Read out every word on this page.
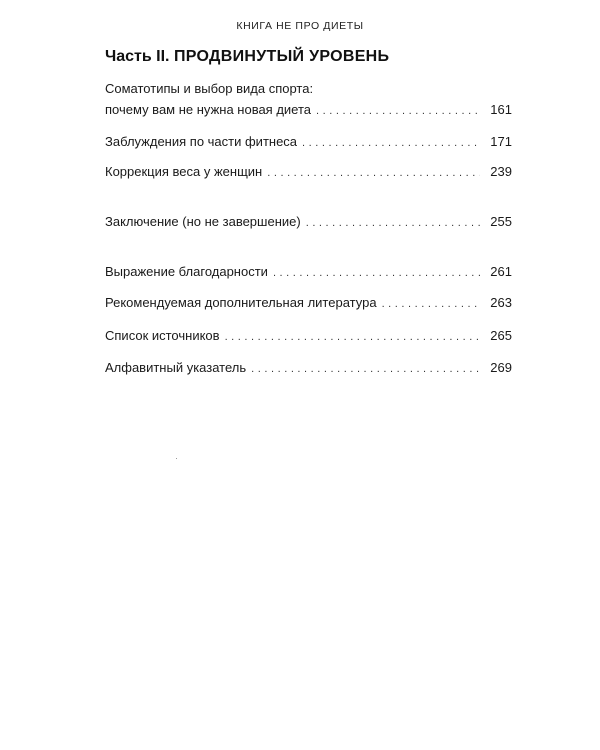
КНИГА НЕ ПРО ДИЕТЫ
Часть II. ПРОДВИНУТЫЙ УРОВЕНЬ
Соматотипы и выбор вида спорта:
почему вам не нужна новая диета . . .	161
Заблуждения по части фитнеса . . .	171
Коррекция веса у женщин . . .	239
Заключение (но не завершение) . . .	255
Выражение благодарности . . .	261
Рекомендуемая дополнительная литература . . .	263
Список источников . . .	265
Алфавитный указатель . . .	269
